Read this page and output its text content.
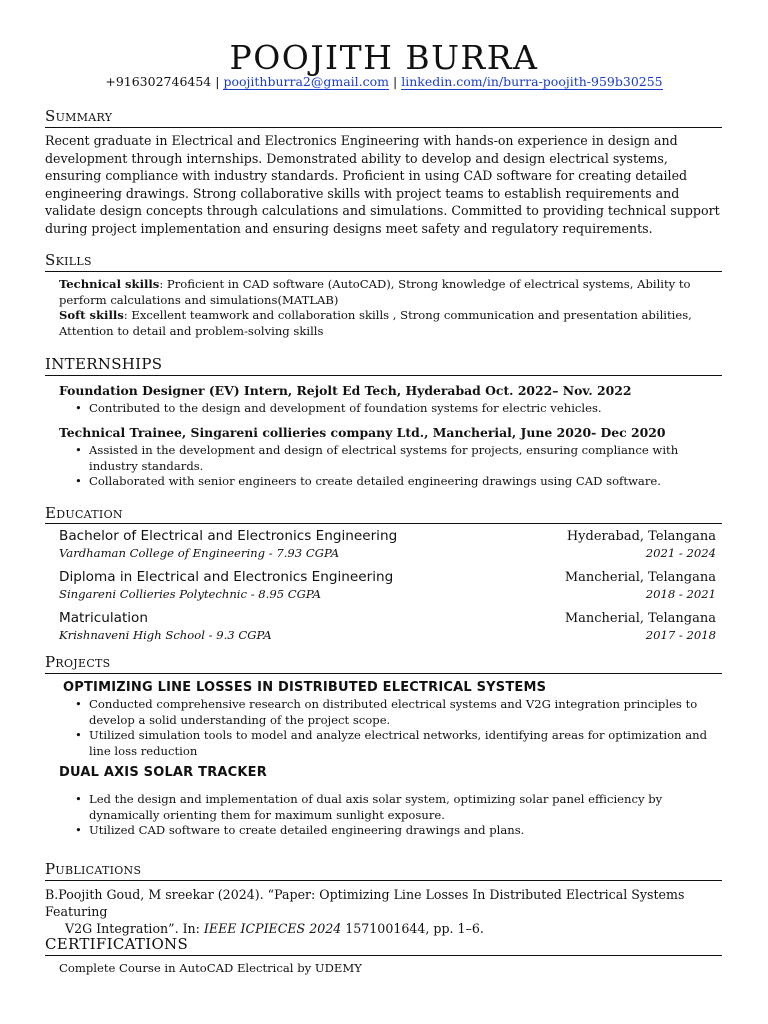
POOJITH BURRA
+916302746454 | poojithburra2@gmail.com | linkedin.com/in/burra-poojith-959b30255
Summary
Recent graduate in Electrical and Electronics Engineering with hands-on experience in design and development through internships. Demonstrated ability to develop and design electrical systems, ensuring compliance with industry standards. Proficient in using CAD software for creating detailed engineering drawings. Strong collaborative skills with project teams to establish requirements and validate design concepts through calculations and simulations. Committed to providing technical support during project implementation and ensuring designs meet safety and regulatory requirements.
Skills
Technical skills: Proficient in CAD software (AutoCAD), Strong knowledge of electrical systems, Ability to perform calculations and simulations(MATLAB)
Soft skills: Excellent teamwork and collaboration skills , Strong communication and presentation abilities, Attention to detail and problem-solving skills
INTERNSHIPS
Foundation Designer (EV) Intern, Rejolt Ed Tech, Hyderabad Oct. 2022– Nov. 2022
• Contributed to the design and development of foundation systems for electric vehicles.
Technical Trainee, Singareni collieries company Ltd., Mancherial, June 2020- Dec 2020
• Assisted in the development and design of electrical systems for projects, ensuring compliance with industry standards.
• Collaborated with senior engineers to create detailed engineering drawings using CAD software.
Education
Bachelor of Electrical and Electronics Engineering	Hyderabad, Telangana
Vardhaman College of Engineering - 7.93 CGPA	2021 - 2024
Diploma in Electrical and Electronics Engineering	Mancherial, Telangana
Singareni Collieries Polytechnic - 8.95 CGPA	2018 - 2021
Matriculation	Mancherial, Telangana
Krishnaveni High School - 9.3 CGPA	2017 - 2018
Projects
OPTIMIZING LINE LOSSES IN DISTRIBUTED ELECTRICAL SYSTEMS
• Conducted comprehensive research on distributed electrical systems and V2G integration principles to develop a solid understanding of the project scope.
• Utilized simulation tools to model and analyze electrical networks, identifying areas for optimization and line loss reduction
DUAL AXIS SOLAR TRACKER
• Led the design and implementation of dual axis solar system, optimizing solar panel efficiency by dynamically orienting them for maximum sunlight exposure.
• Utilized CAD software to create detailed engineering drawings and plans.
Publications
B.Poojith Goud, M sreekar (2024). “Paper: Optimizing Line Losses In Distributed Electrical Systems Featuring
V2G Integration”. In: IEEE ICPIECES 2024 1571001644, pp. 1–6.
CERTIFICATIONS
Complete Course in AutoCAD Electrical by UDEMY
